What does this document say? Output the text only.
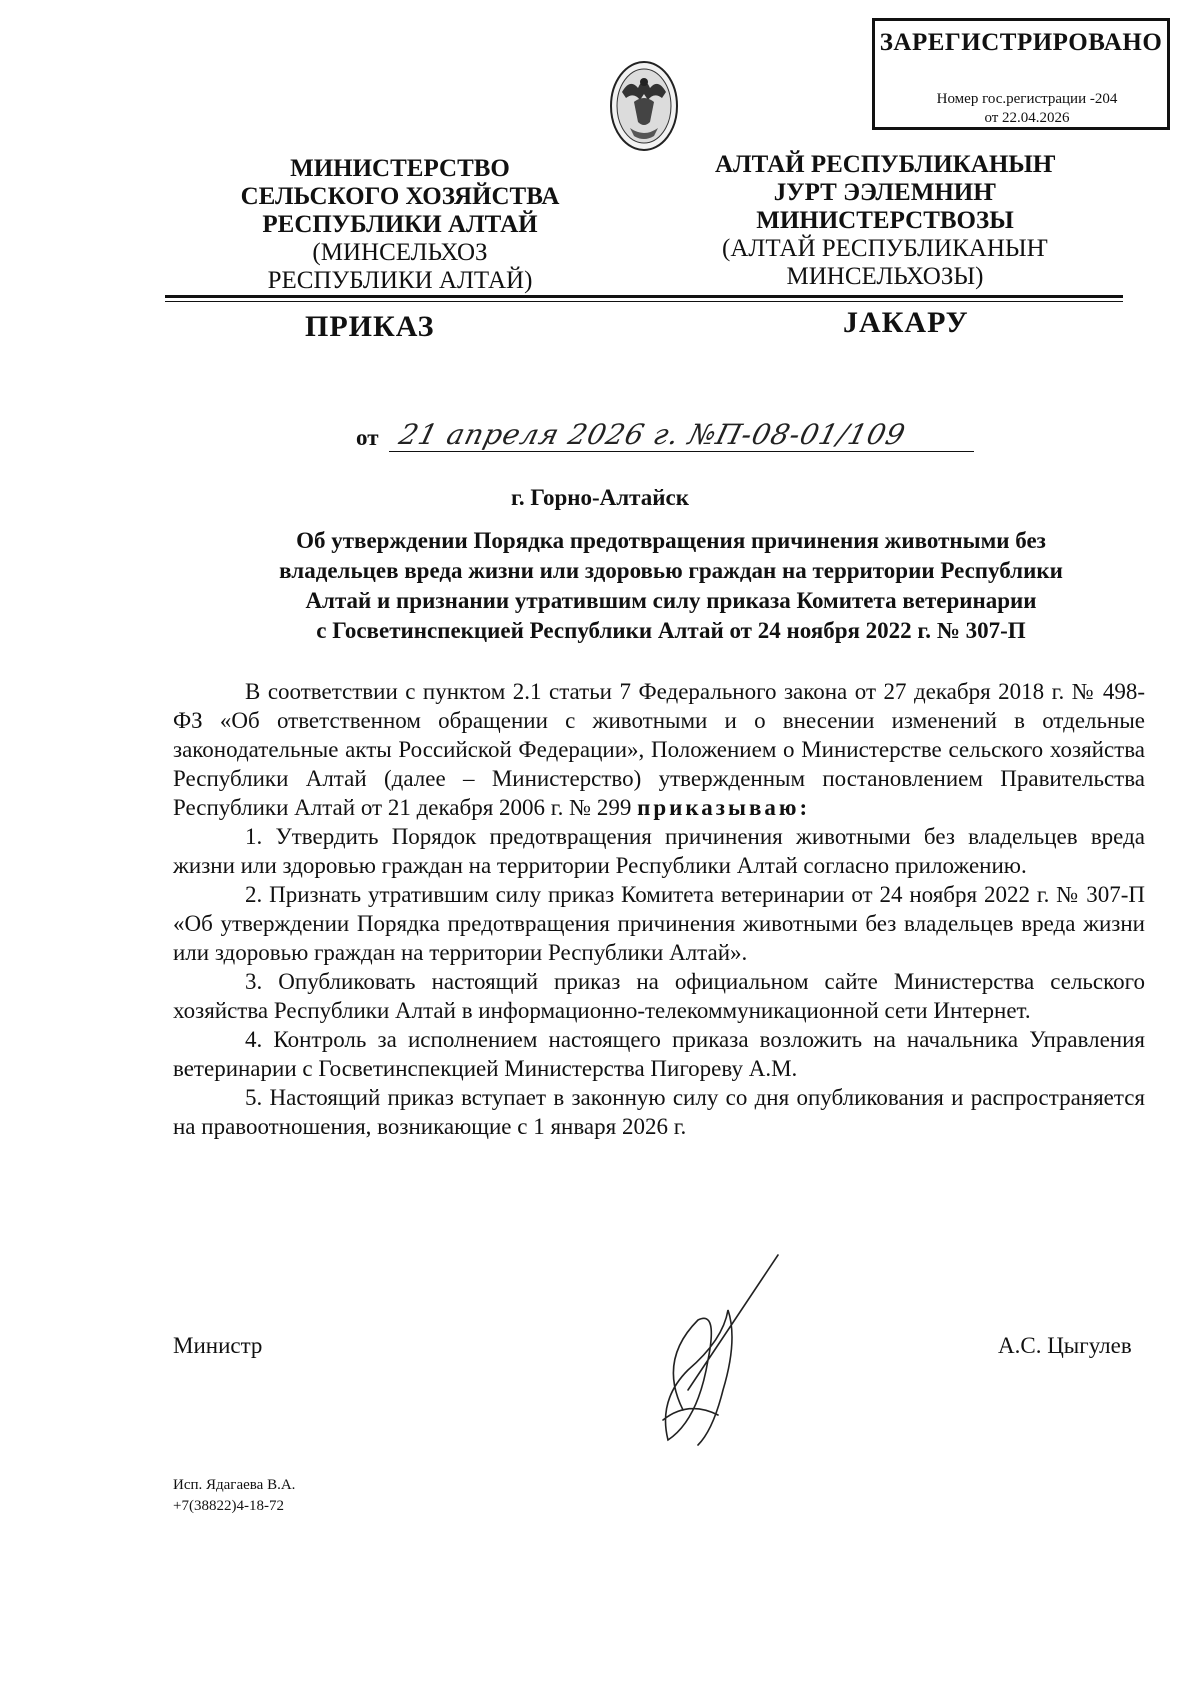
ЗАРЕГИСТРИРОВАНО
Номер гос.регистрации -204
от 22.04.2026
МИНИСТЕРСТВО
СЕЛЬСКОГО ХОЗЯЙСТВА
РЕСПУБЛИКИ АЛТАЙ
(МИНСЕЛЬХОЗ
РЕСПУБЛИКИ АЛТАЙ)
АЛТАЙ РЕСПУБЛИКАНЫҤ
ЈУРТ ЭЭЛЕМНИҤ
МИНИСТЕРСТВОЗЫ
(АЛТАЙ РЕСПУБЛИКАНЫҤ
МИНСЕЛЬХОЗЫ)
ПРИКАЗ	ЈАКАРУ
от 21 апреля 2026 г. №П-08-01/109
г. Горно-Алтайск
Об утверждении Порядка предотвращения причинения животными без
владельцев вреда жизни или здоровью граждан на территории Республики
Алтай и признании утратившим силу приказа Комитета ветеринарии
с Госветинспекцией Республики Алтай от 24 ноября 2022 г. № 307-П

В соответствии с пунктом 2.1 статьи 7 Федерального закона от 27 декабря 2018 г. № 498-ФЗ «Об ответственном обращении с животными и о внесении изменений в отдельные законодательные акты Российской Федерации», Положением о Министерстве сельского хозяйства Республики Алтай (далее – Министерство) утвержденным постановлением Правительства Республики Алтай от 21 декабря 2006 г. № 299 приказываю:

1. Утвердить Порядок предотвращения причинения животными без владельцев вреда жизни или здоровью граждан на территории Республики Алтай согласно приложению.

2. Признать утратившим силу приказ Комитета ветеринарии от 24 ноября 2022 г. № 307-П «Об утверждении Порядка предотвращения причинения животными без владельцев вреда жизни или здоровью граждан на территории Республики Алтай».

3. Опубликовать настоящий приказ на официальном сайте Министерства сельского хозяйства Республики Алтай в информационно-телекоммуникационной сети Интернет.

4. Контроль за исполнением настоящего приказа возложить на начальника Управления ветеринарии с Госветинспекцией Министерства Пигореву А.М.

5. Настоящий приказ вступает в законную силу со дня опубликования и распространяется на правоотношения, возникающие с 1 января 2026 г.

Министр	А.С. Цыгулев
Исп. Ядагаева В.А.
+7(38822)4-18-72
